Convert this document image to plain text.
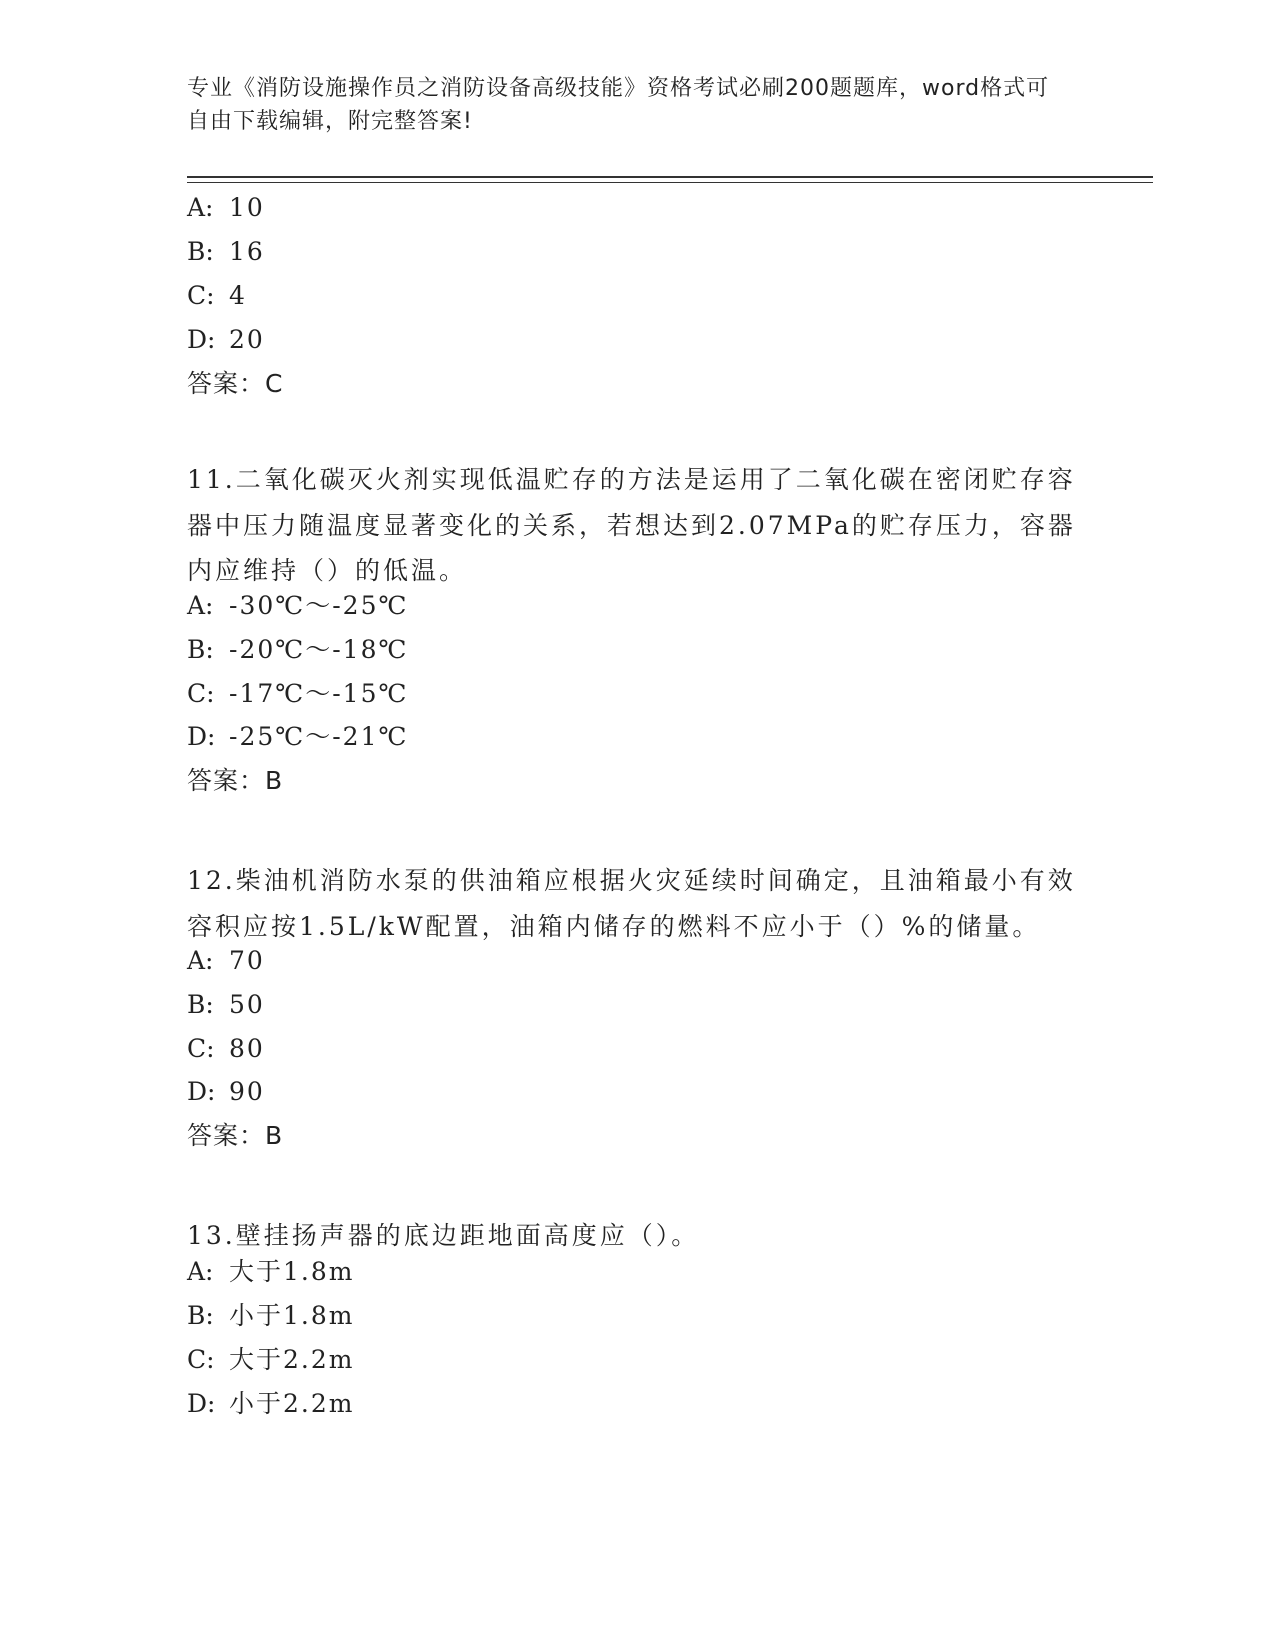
专业《消防设施操作员之消防设备高级技能》资格考试必刷200题题库，word格式可自由下载编辑，附完整答案!
A: 10
B: 16
C: 4
D: 20
答案：C
11.二氧化碳灭火剂实现低温贮存的方法是运用了二氧化碳在密闭贮存容器中压力随温度显著变化的关系，若想达到2.07MPa的贮存压力，容器内应维持（）的低温。
A: -30℃～-25℃
B: -20℃～-18℃
C: -17℃～-15℃
D: -25℃～-21℃
答案：B
12.柴油机消防水泵的供油箱应根据火灾延续时间确定，且油箱最小有效容积应按1.5L/kW配置，油箱内储存的燃料不应小于（）%的储量。
A: 70
B: 50
C: 80
D: 90
答案：B
13.壁挂扬声器的底边距地面高度应（）。
A: 大于1.8m
B: 小于1.8m
C: 大于2.2m
D: 小于2.2m
